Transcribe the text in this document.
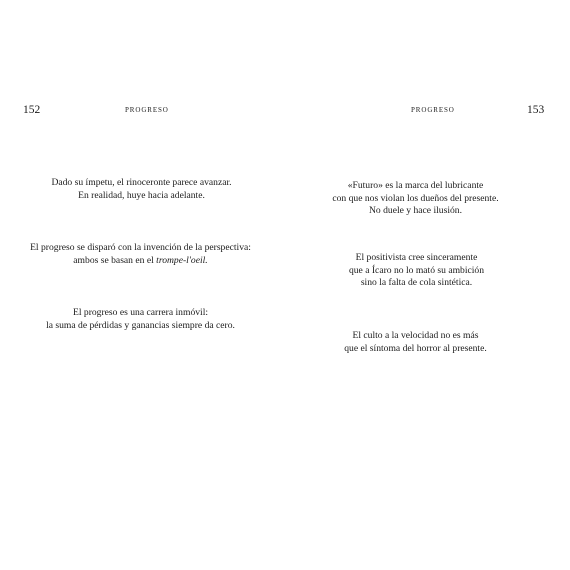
152	PROGRESO
Dado su ímpetu, el rinoceronte parece avanzar.
En realidad, huye hacia adelante.
El progreso se disparó con la invención de la perspectiva:
ambos se basan en el trompe-l'oeil.
El progreso es una carrera inmóvil:
la suma de pérdidas y ganancias siempre da cero.
153
PROGRESO
«Futuro» es la marca del lubricante
con que nos violan los dueños del presente.
No duele y hace ilusión.
El positivista cree sinceramente
que a Ícaro no lo mató su ambición
sino la falta de cola sintética.
El culto a la velocidad no es más
que el síntoma del horror al presente.
